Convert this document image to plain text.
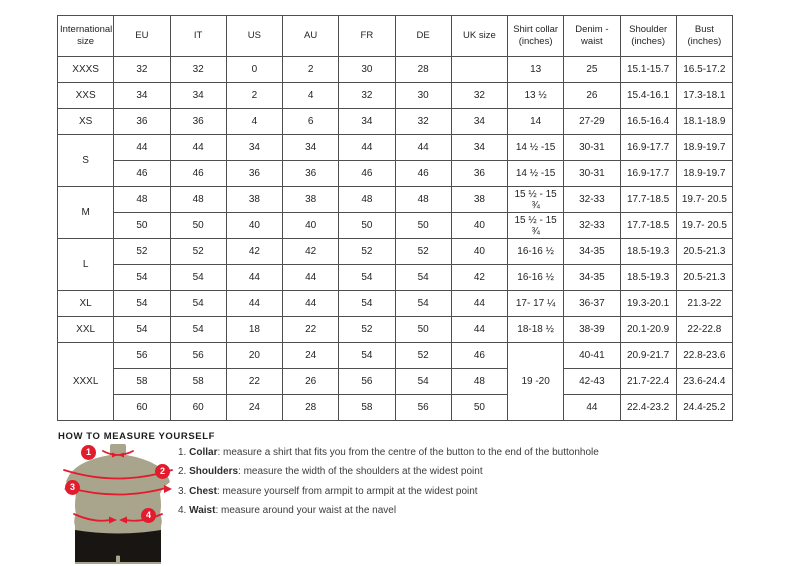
International size	EU	IT	US	AU	FR	DE	UK size	Shirt collar (inches)	Denim - waist	Shoulder (inches)	Bust (inches)
XXXS	32	32	0	2	30	28		13	25	15.1-15.7	16.5-17.2
XXS	34	34	2	4	32	30	32	13 ½	26	15.4-16.1	17.3-18.1
XS	36	36	4	6	34	32	34	14	27-29	16.5-16.4	18.1-18.9
S	44	44	34	34	44	44	34	14 ½ -15	30-31	16.9-17.7	18.9-19.7
	46	46	36	36	46	46	36	14 ½ -15	30-31	16.9-17.7	18.9-19.7
M	48	48	38	38	48	48	38	15 ½ - 15 ¾	32-33	17.7-18.5	19.7- 20.5
	50	50	40	40	50	50	40	15 ½ - 15 ¾	32-33	17.7-18.5	19.7- 20.5
L	52	52	42	42	52	52	40	16-16 ½	34-35	18.5-19.3	20.5-21.3
	54	54	44	44	54	54	42	16-16 ½	34-35	18.5-19.3	20.5-21.3
XL	54	54	44	44	54	54	44	17- 17 ¼	36-37	19.3-20.1	21.3-22
XXL	54	54	18	22	52	50	44	18-18 ½	38-39	20.1-20.9	22-22.8
XXXL	56	56	20	24	54	52	46	19 -20	40-41	20.9-21.7	22.8-23.6
	58	58	22	26	56	54	48		42-43	21.7-22.4	23.6-24.4
	60	60	24	28	58	56	50		44	22.4-23.2	24.4-25.2
HOW TO MEASURE YOURSELF
1
2
3
4
1. Collar: measure a shirt that fits you from the centre of the button to the end of the buttonhole
2. Shoulders: measure the width of the shoulders at the widest point
3. Chest: measure yourself from armpit to armpit at the widest point
4. Waist: measure around your waist at the navel
